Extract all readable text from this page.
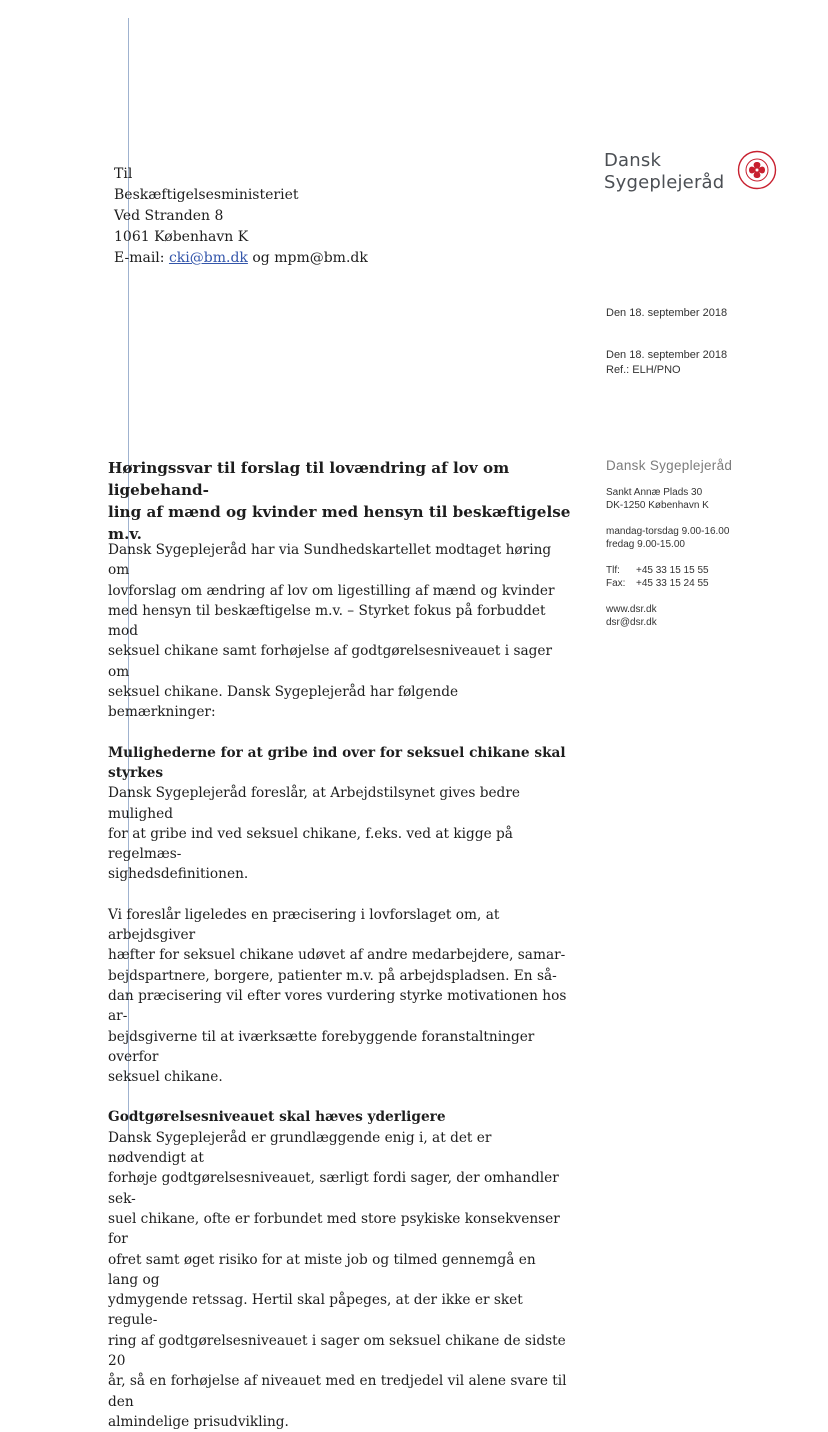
Dansk
Sygeplejeråd
Til
Beskæftigelsesministeriet
Ved Stranden 8
1061 København K
E-mail: cki@bm.dk og mpm@bm.dk
Den 18. september 2018
Den 18. september 2018
Ref.: ELH/PNO
Høringssvar til forslag til lovændring af lov om ligebehand-
ling af mænd og kvinder med hensyn til beskæftigelse m.v.
Dansk Sygeplejeråd
Sankt Annæ Plads 30
DK-1250 København K
mandag-torsdag 9.00-16.00
fredag 9.00-15.00
Tlf: +45 33 15 15 55
Fax: +45 33 15 24 55
www.dsr.dk
dsr@dsr.dk

Dansk Sygeplejeråd har via Sundhedskartellet modtaget høring om

lovforslag om ændring af lov om ligestilling af mænd og kvinder

med hensyn til beskæftigelse m.v. – Styrket fokus på forbuddet mod

seksuel chikane samt forhøjelse af godtgørelsesniveauet i sager om

seksuel chikane. Dansk Sygeplejeråd har følgende bemærkninger:

Mulighederne for at gribe ind over for seksuel chikane skal styrkes

Dansk Sygeplejeråd foreslår, at Arbejdstilsynet gives bedre mulighed

for at gribe ind ved seksuel chikane, f.eks. ved at kigge på regelmæs-

sighedsdefinitionen.

Vi foreslår ligeledes en præcisering i lovforslaget om, at arbejdsgiver

hæfter for seksuel chikane udøvet af andre medarbejdere, samar-

bejdspartnere, borgere, patienter m.v. på arbejdspladsen. En så-

dan præcisering vil efter vores vurdering styrke motivationen hos ar-

bejdsgiverne til at iværksætte forebyggende foranstaltninger overfor

seksuel chikane.

Godtgørelsesniveauet skal hæves yderligere

Dansk Sygeplejeråd er grundlæggende enig i, at det er nødvendigt at

forhøje godtgørelsesniveauet, særligt fordi sager, der omhandler sek-

suel chikane, ofte er forbundet med store psykiske konsekvenser for

ofret samt øget risiko for at miste job og tilmed gennemgå en lang og

ydmygende retssag. Hertil skal påpeges, at der ikke er sket regule-

ring af godtgørelsesniveauet i sager om seksuel chikane de sidste 20

år, så en forhøjelse af niveauet med en tredjedel vil alene svare til den

almindelige prisudvikling.
